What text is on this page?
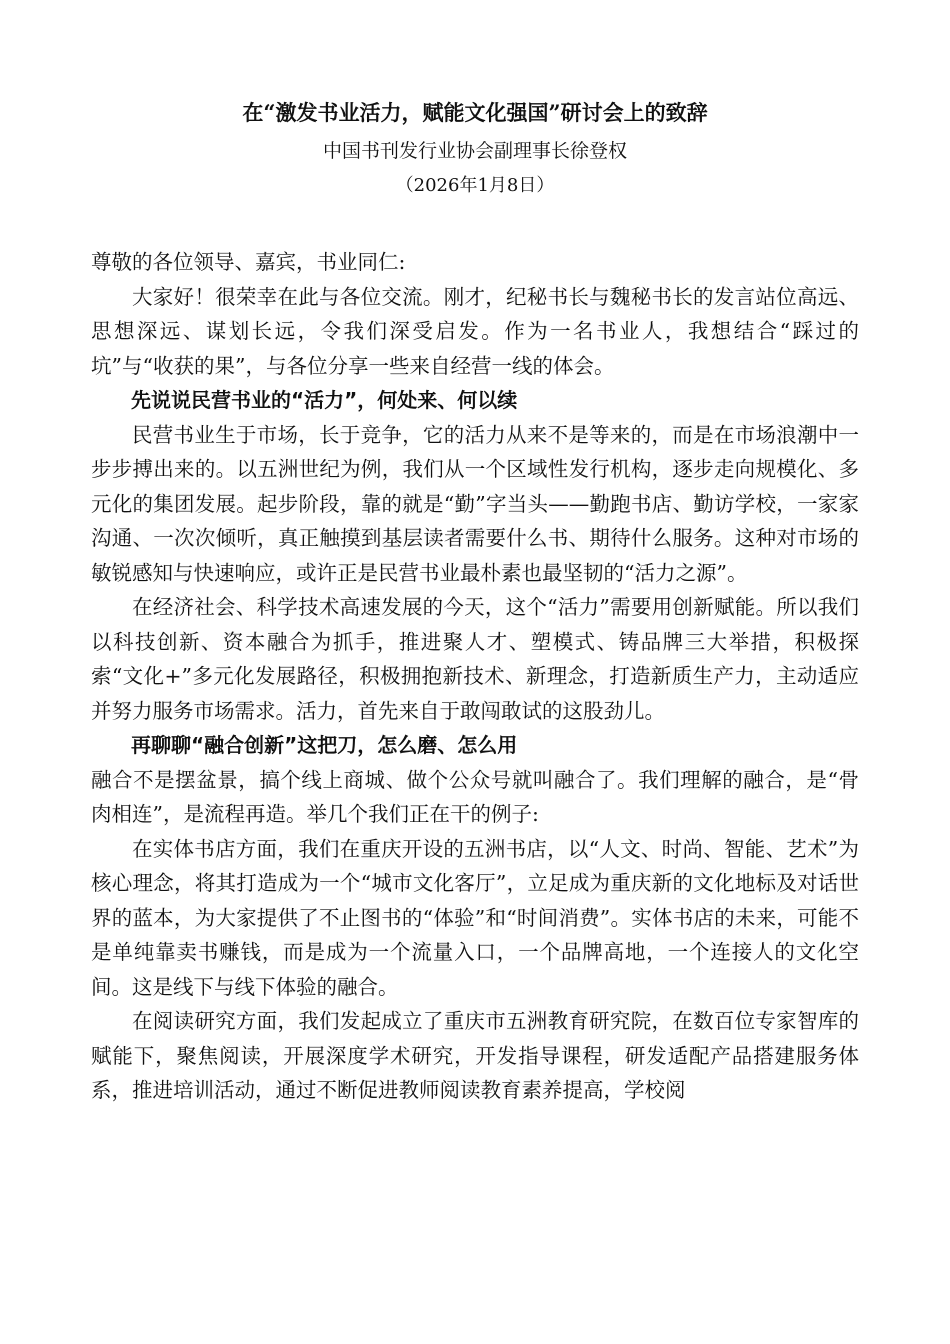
在“激发书业活力，赋能文化强国”研讨会上的致辞
中国书刊发行业协会副理事长徐登权
（2026年1月8日）

尊敬的各位领导、嘉宾，书业同仁:

大家好！很荣幸在此与各位交流。刚才，纪秘书长与魏秘书长的发言站位高远、思想深远、谋划长远，令我们深受启发。作为一名书业人，我想结合“踩过的坑”与“收获的果”，与各位分享一些来自经营一线的体会。

先说说民营书业的“活力”，何处来、何以续

民营书业生于市场，长于竞争，它的活力从来不是等来的，而是在市场浪潮中一步步搏出来的。以五洲世纪为例，我们从一个区域性发行机构，逐步走向规模化、多元化的集团发展。起步阶段，靠的就是“勤”字当头——勤跑书店、勤访学校，一家家沟通、一次次倾听，真正触摸到基层读者需要什么书、期待什么服务。这种对市场的敏锐感知与快速响应，或许正是民营书业最朴素也最坚韧的“活力之源”。

在经济社会、科学技术高速发展的今天，这个“活力”需要用创新赋能。所以我们以科技创新、资本融合为抓手，推进聚人才、塑模式、铸品牌三大举措，积极探索“文化+”多元化发展路径，积极拥抱新技术、新理念，打造新质生产力，主动适应并努力服务市场需求。活力，首先来自于敢闯敢试的这股劲儿。

再聊聊“融合创新”这把刀，怎么磨、怎么用

融合不是摆盆景，搞个线上商城、做个公众号就叫融合了。我们理解的融合，是“骨肉相连”，是流程再造。举几个我们正在干的例子:

在实体书店方面，我们在重庆开设的五洲书店，以“人文、时尚、智能、艺术”为核心理念，将其打造成为一个“城市文化客厅”，立足成为重庆新的文化地标及对话世界的蓝本，为大家提供了不止图书的“体验”和“时间消费”。实体书店的未来，可能不是单纯靠卖书赚钱，而是成为一个流量入口，一个品牌高地，一个连接人的文化空间。这是线下与线下体验的融合。

在阅读研究方面，我们发起成立了重庆市五洲教育研究院，在数百位专家智库的赋能下，聚焦阅读，开展深度学术研究，开发指导课程，研发适配产品搭建服务体系，推进培训活动，通过不断促进教师阅读教育素养提高，学校阅
